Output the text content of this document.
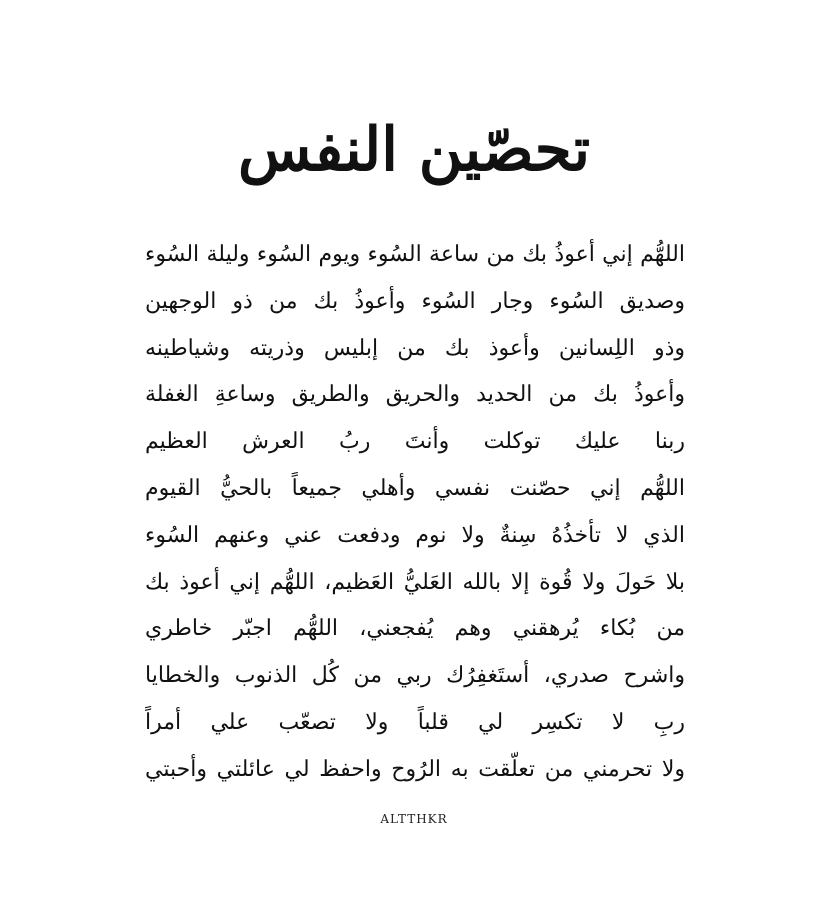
تحصّين النفس
اللهُّم إني أعوذُ بك من ساعة السُوء ويوم السُوء وليلة السُوء
وصديق السُوء وجار السُوء وأعوذُ بك من ذو الوجهين
وذو اللِسانين وأعوذ بك من إبليس وذريته وشياطينه
وأعوذُ بك من الحديد والحريق والطريق وساعةِ الغفلة
ربنا عليك توكلت وأنتَ ربُ العرش العظيم
اللهُّم إني حصّنت نفسي وأهلي جميعاً بالحيُّ القيوم
الذي لا تأخذُهُ سِنةٌ ولا نوم ودفعت عني وعنهم السُوء
بلا حَولَ ولا قُوة إلا بالله العَليُّ العَظيم، اللهُّم إني أعوذ بك
من بُكاء يُرهقني وهم يُفجعني، اللهُّم اجبّر خاطري
واشرح صدري، أستَغفِرُك ربي من كُل الذنوب والخطايا
ربِ لا تكسِر لي قلباً ولا تصعّب علي أمراً
ولا تحرمني من تعلّقت به الرُوح واحفظ لي عائلتي وأحبتي

ALTTHKR
